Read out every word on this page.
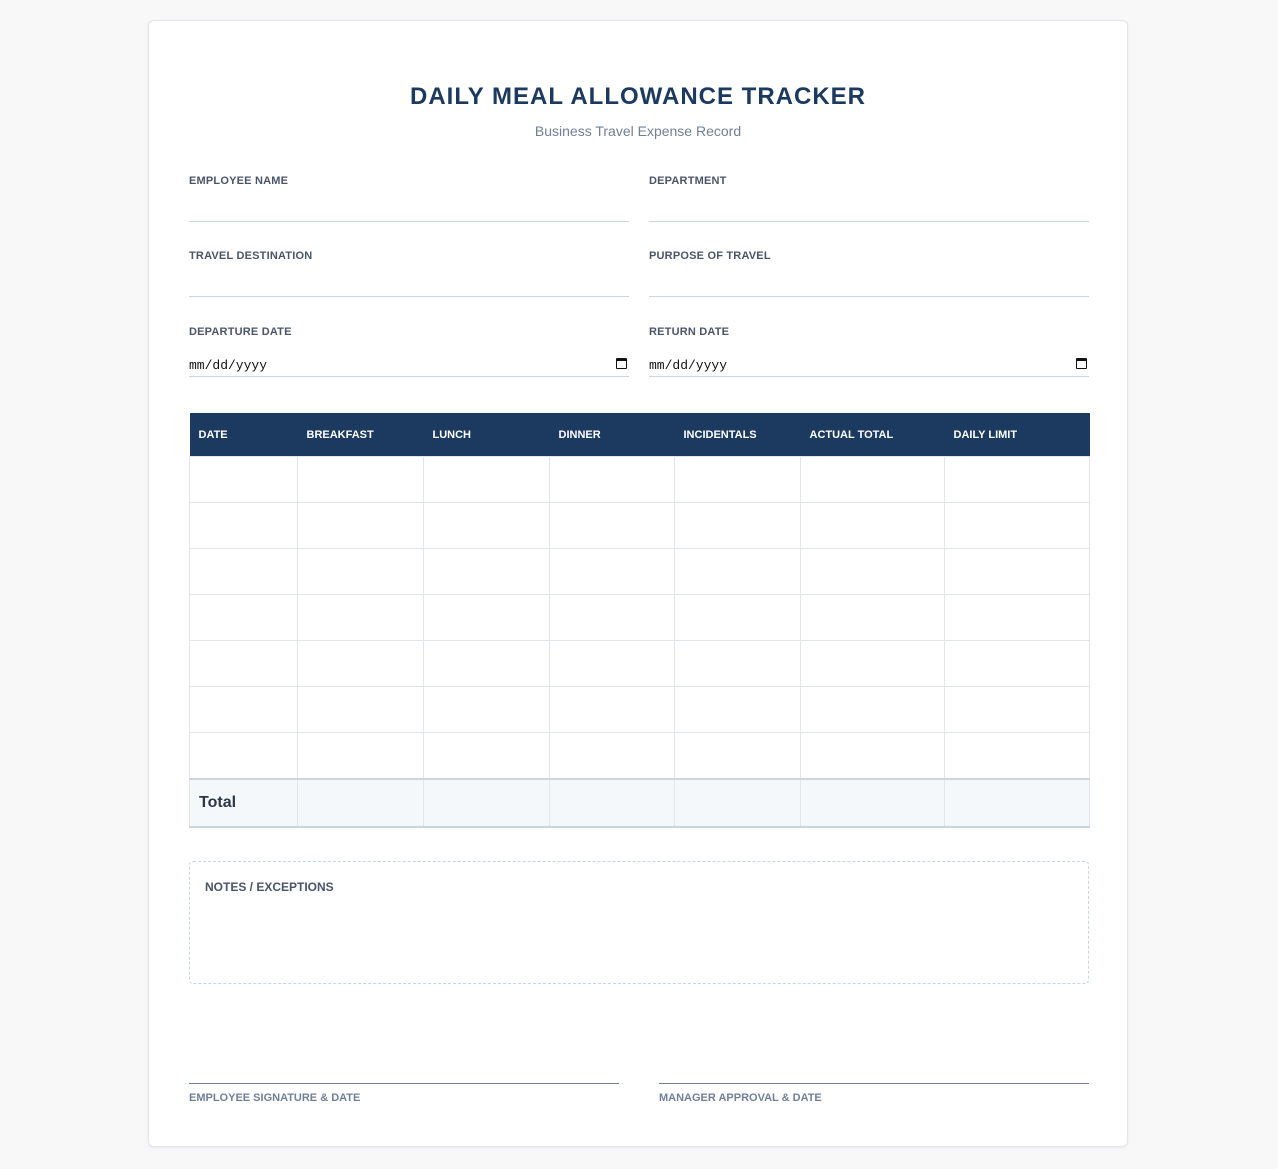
DAILY MEAL ALLOWANCE TRACKER
Business Travel Expense Record
EMPLOYEE NAME	DEPARTMENT
TRAVEL DESTINATION	PURPOSE OF TRAVEL
DEPARTURE DATE
mm/dd/yyyy
RETURN DATE
mm/dd/yyyy
DATE	BREAKFAST	LUNCH	DINNER	INCIDENTALS	ACTUAL TOTAL	DAILY LIMIT

Total						
NOTES / EXCEPTIONS
EMPLOYEE SIGNATURE & DATE	MANAGER APPROVAL & DATE
